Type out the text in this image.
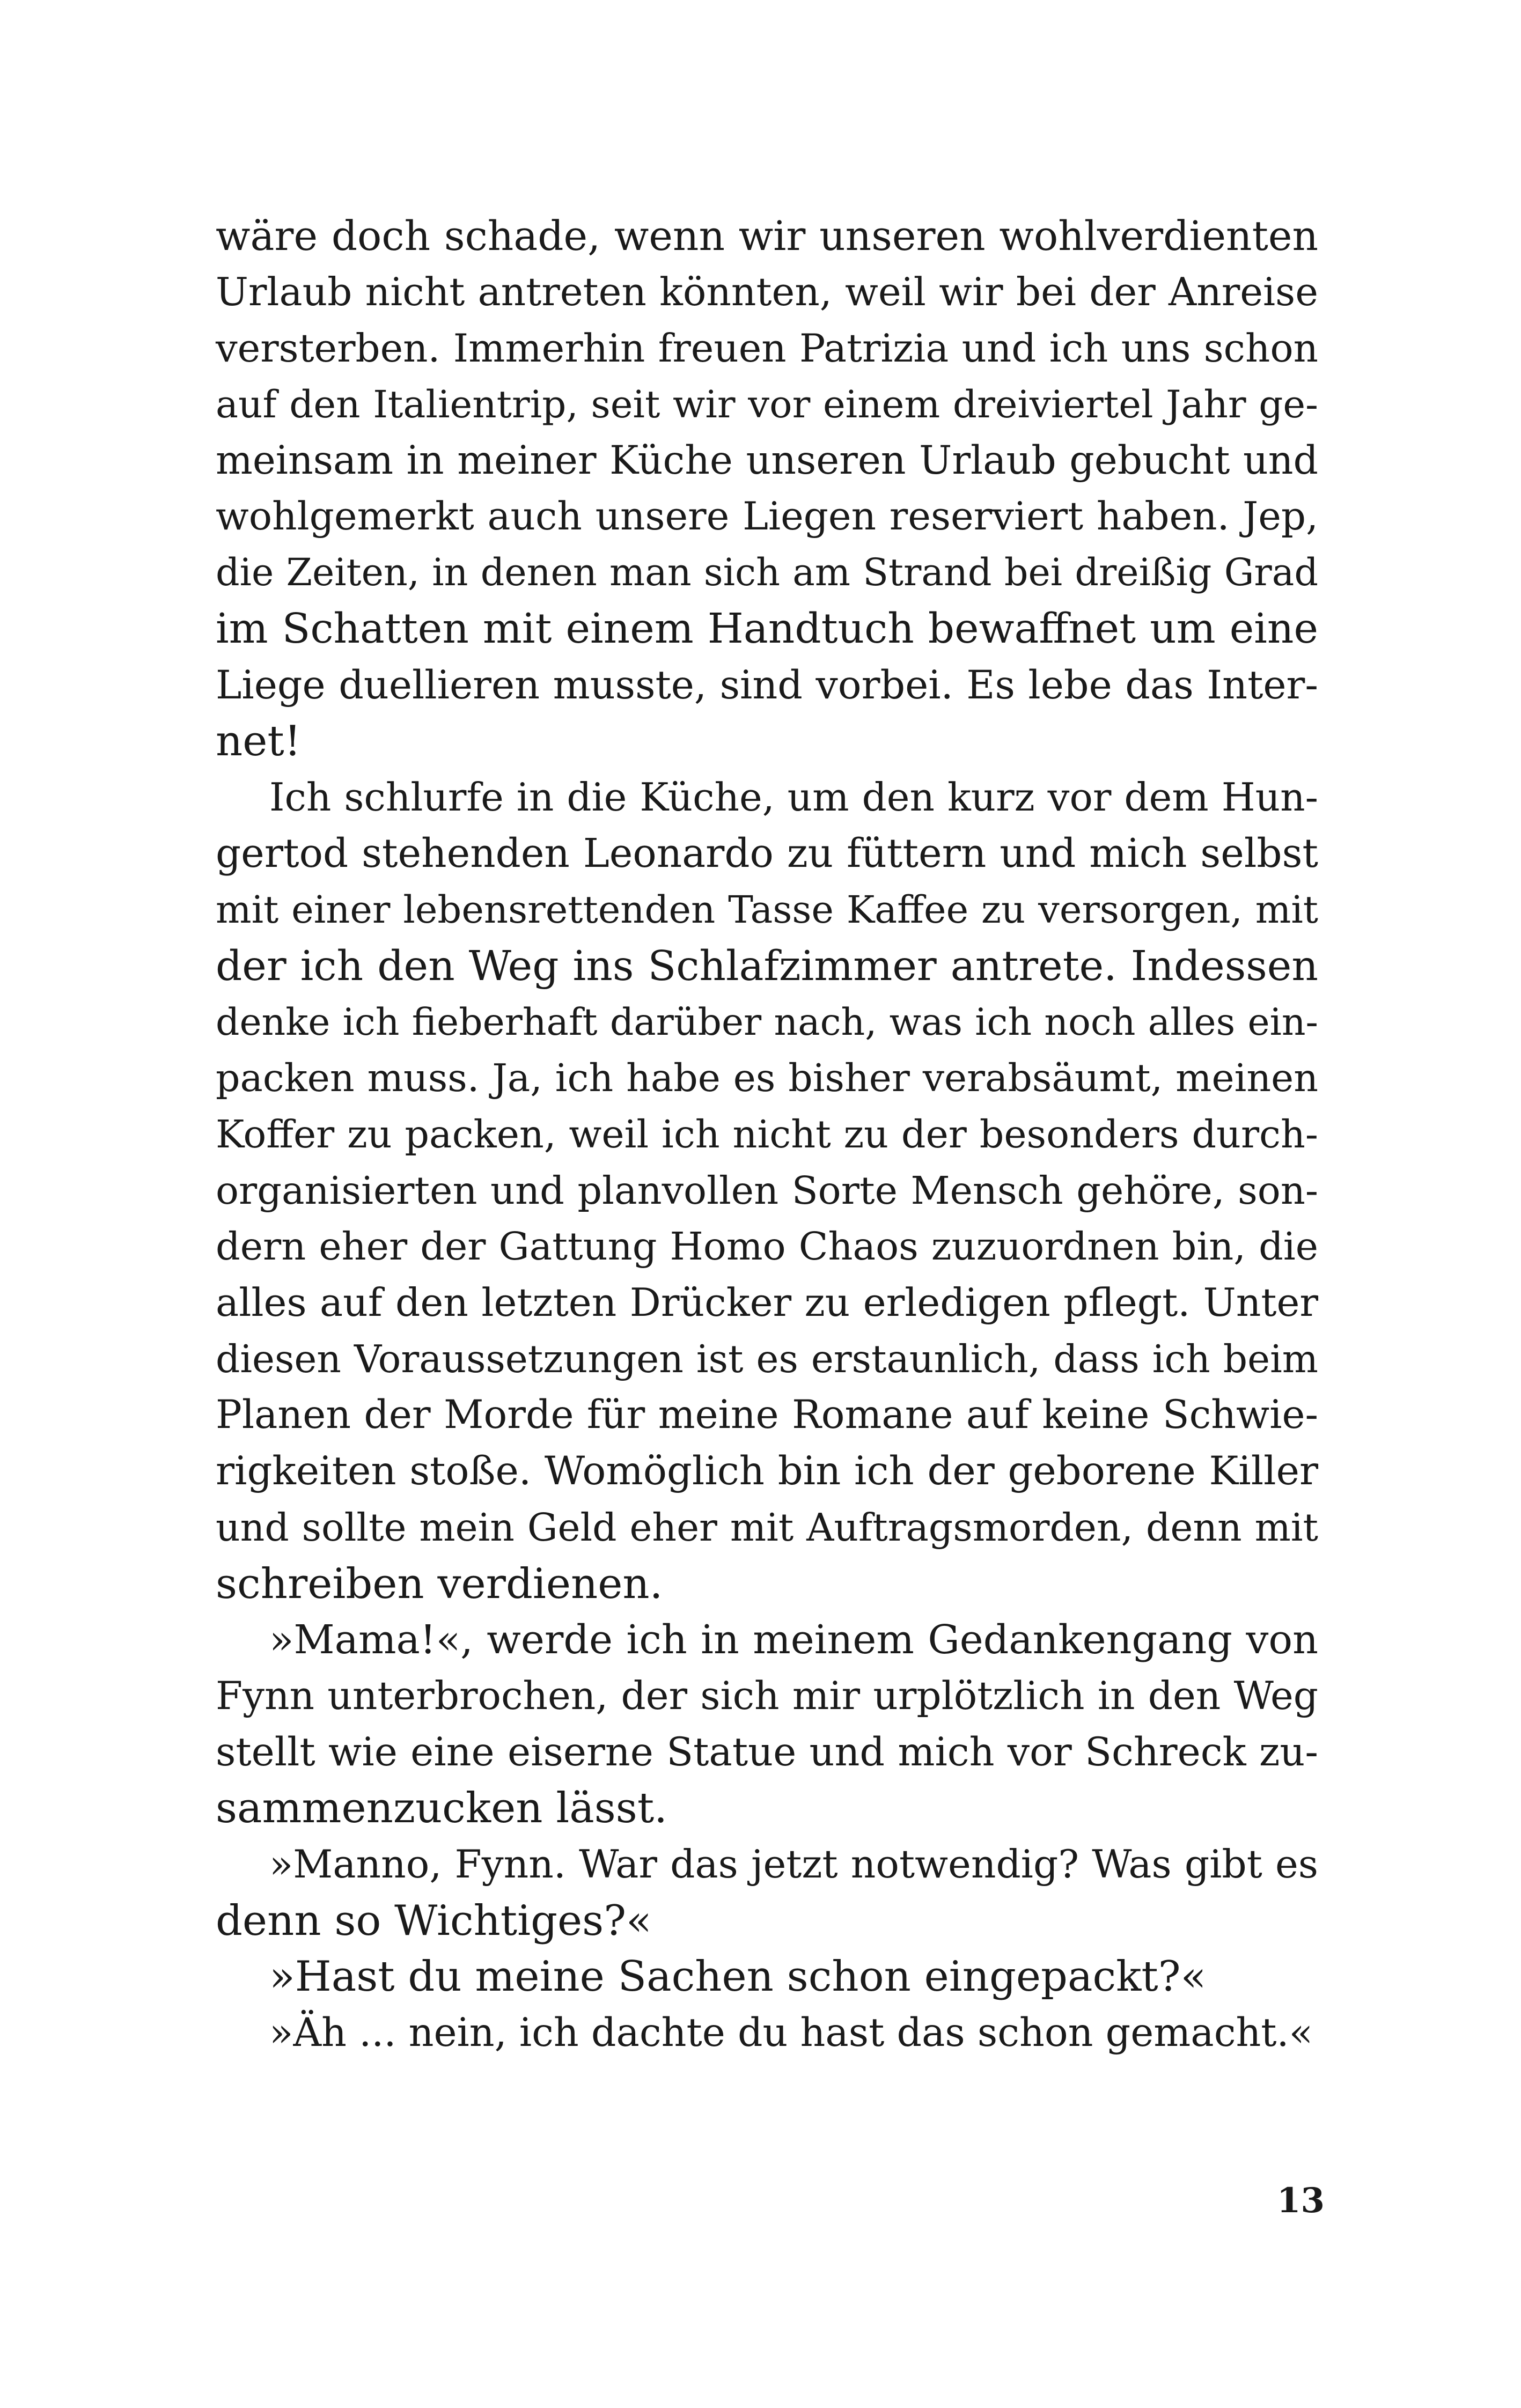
wäre doch schade, wenn wir unseren wohlverdienten
Urlaub nicht antreten könnten, weil wir bei der Anreise
versterben. Immerhin freuen Patrizia und ich uns schon
auf den Italientrip, seit wir vor einem dreiviertel Jahr ge-
meinsam in meiner Küche unseren Urlaub gebucht und
wohlgemerkt auch unsere Liegen reserviert haben. Jep,
die Zeiten, in denen man sich am Strand bei dreißig Grad
im Schatten mit einem Handtuch bewaffnet um eine
Liege duellieren musste, sind vorbei. Es lebe das Inter-
net!
Ich schlurfe in die Küche, um den kurz vor dem Hun-
gertod stehenden Leonardo zu füttern und mich selbst
mit einer lebensrettenden Tasse Kaffee zu versorgen, mit
der ich den Weg ins Schlafzimmer antrete. Indessen
denke ich fieberhaft darüber nach, was ich noch alles ein-
packen muss. Ja, ich habe es bisher verabsäumt, meinen
Koffer zu packen, weil ich nicht zu der besonders durch-
organisierten und planvollen Sorte Mensch gehöre, son-
dern eher der Gattung Homo Chaos zuzuordnen bin, die
alles auf den letzten Drücker zu erledigen pflegt. Unter
diesen Voraussetzungen ist es erstaunlich, dass ich beim
Planen der Morde für meine Romane auf keine Schwie-
rigkeiten stoße. Womöglich bin ich der geborene Killer
und sollte mein Geld eher mit Auftragsmorden, denn mit
schreiben verdienen.
»Mama!«, werde ich in meinem Gedankengang von
Fynn unterbrochen, der sich mir urplötzlich in den Weg
stellt wie eine eiserne Statue und mich vor Schreck zu-
sammenzucken lässt.
»Manno, Fynn. War das jetzt notwendig? Was gibt es
denn so Wichtiges?«
»Hast du meine Sachen schon eingepackt?«
»Äh ... nein, ich dachte du hast das schon gemacht.«
13
